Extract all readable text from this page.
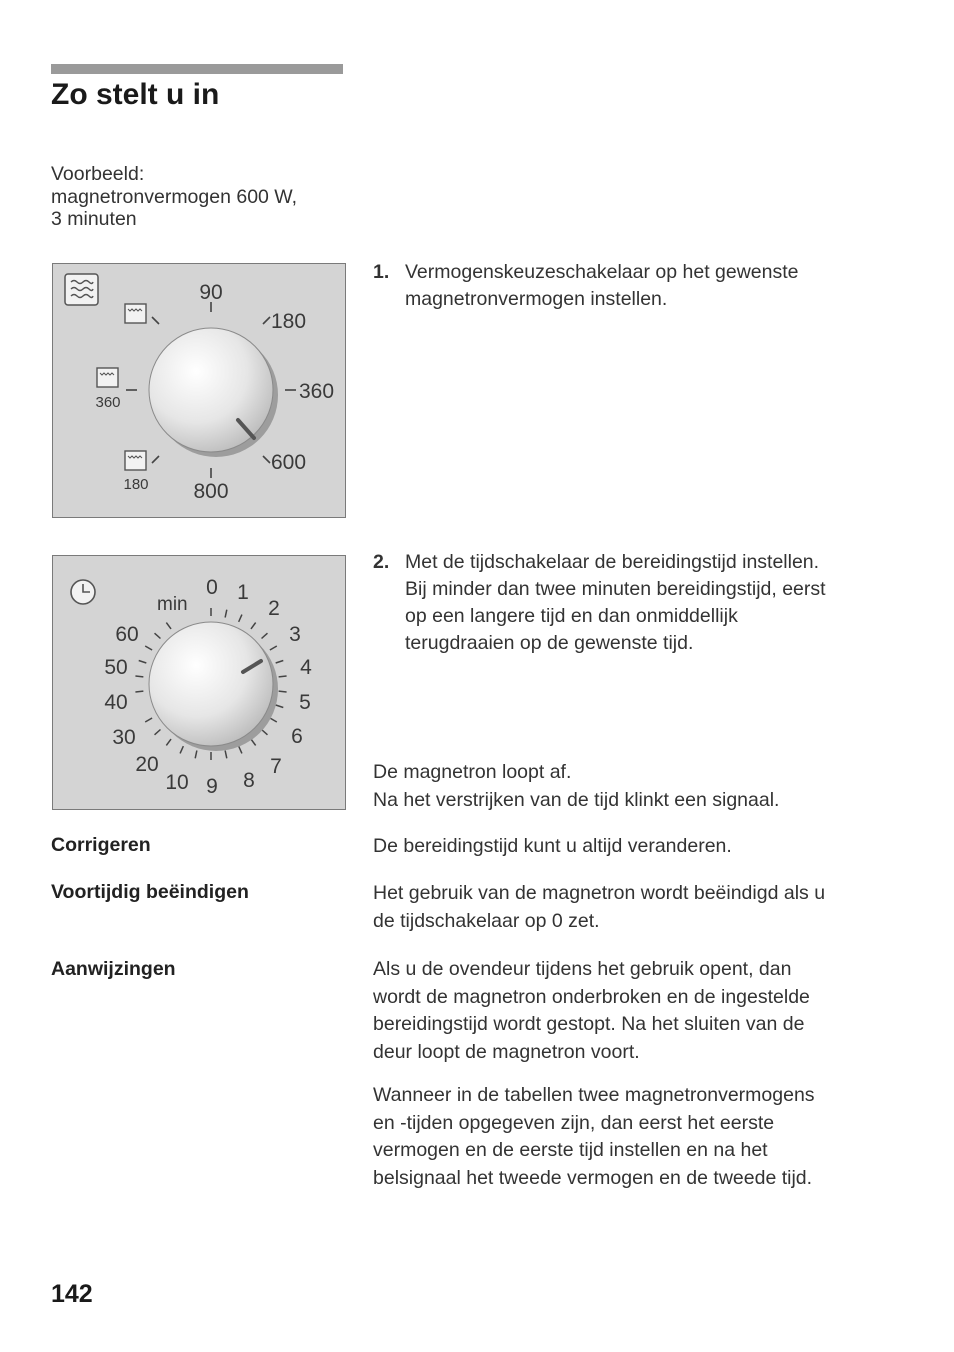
Zo stelt u in
Voorbeeld:
magnetronvermogen 600 W,
3 minuten
90
180
360
600
800
360
180
min
0 1
2
3
4
5
6
7
8
9
10
20
30
40
50
60
1. Vermogenskeuzeschakelaar op het gewenste
magnetronvermogen instellen.
2. Met de tijdschakelaar de bereidingstijd instellen.
Bij minder dan twee minuten bereidingstijd, eerst
op een langere tijd en dan onmiddellijk
terugdraaien op de gewenste tijd.
De magnetron loopt af.
Na het verstrijken van de tijd klinkt een signaal.
Corrigeren	De bereidingstijd kunt u altijd veranderen.
Voortijdig beëindigen	Het gebruik van de magnetron wordt beëindigd als u
de tijdschakelaar op 0 zet.
Aanwijzingen	Als u de ovendeur tijdens het gebruik opent, dan
wordt de magnetron onderbroken en de ingestelde
bereidingstijd wordt gestopt. Na het sluiten van de
deur loopt de magnetron voort.
Wanneer in de tabellen twee magnetronvermogens
en -tijden opgegeven zijn, dan eerst het eerste
vermogen en de eerste tijd instellen en na het
belsignaal het tweede vermogen en de tweede tijd.
142
